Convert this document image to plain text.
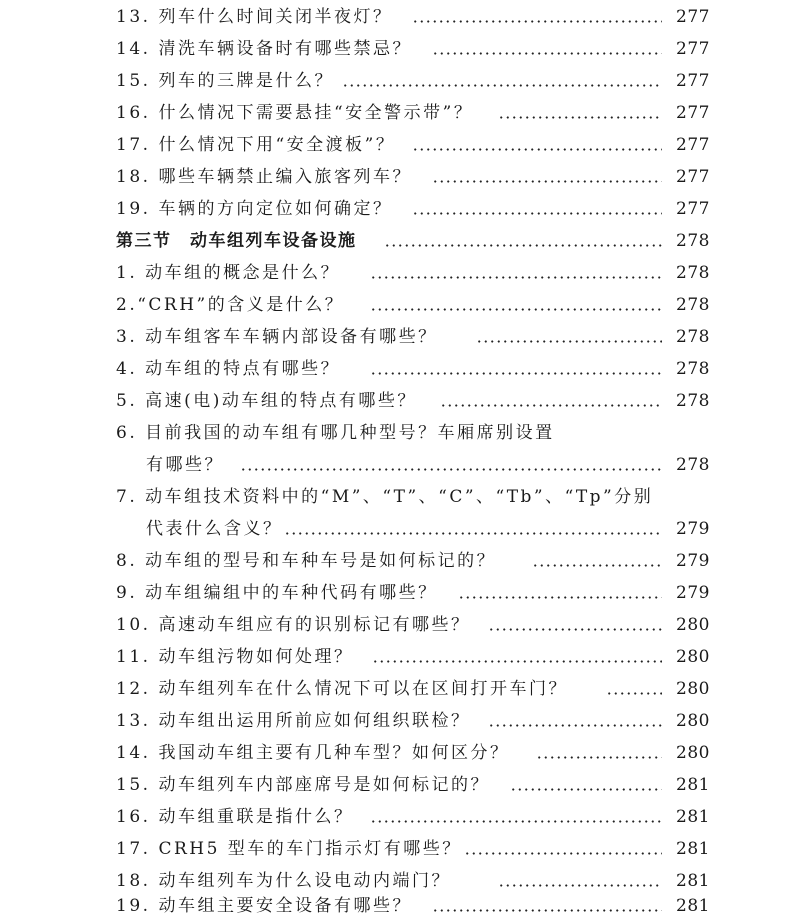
13. 列车什么时间关闭半夜灯？	277
14. 清洗车辆设备时有哪些禁忌？	277
15. 列车的三牌是什么？	277
16. 什么情况下需要悬挂“安全警示带”？	277
17. 什么情况下用“安全渡板”？	277
18. 哪些车辆禁止编入旅客列车？	277
19. 车辆的方向定位如何确定？	277
第三节　动车组列车设备设施	278
1. 动车组的概念是什么？	278
2.“CRH”的含义是什么？	278
3. 动车组客车车辆内部设备有哪些？	278
4. 动车组的特点有哪些？	278
5. 高速(电)动车组的特点有哪些？	278
6. 目前我国的动车组有哪几种型号？车厢席别设置
有哪些？	278
7. 动车组技术资料中的“M”、“T”、“C”、“Tb”、“Tp”分别
代表什么含义？	279
8. 动车组的型号和车种车号是如何标记的？	279
9. 动车组编组中的车种代码有哪些？	279
10. 高速动车组应有的识别标记有哪些？	280
11. 动车组污物如何处理？	280
12. 动车组列车在什么情况下可以在区间打开车门？	280
13. 动车组出运用所前应如何组织联检？	280
14. 我国动车组主要有几种车型？如何区分？	280
15. 动车组列车内部座席号是如何标记的？	281
16. 动车组重联是指什么？	281
17. CRH5 型车的车门指示灯有哪些？	281
18. 动车组列车为什么设电动内端门？	281
19. 动车组主要安全设备有哪些？	281
